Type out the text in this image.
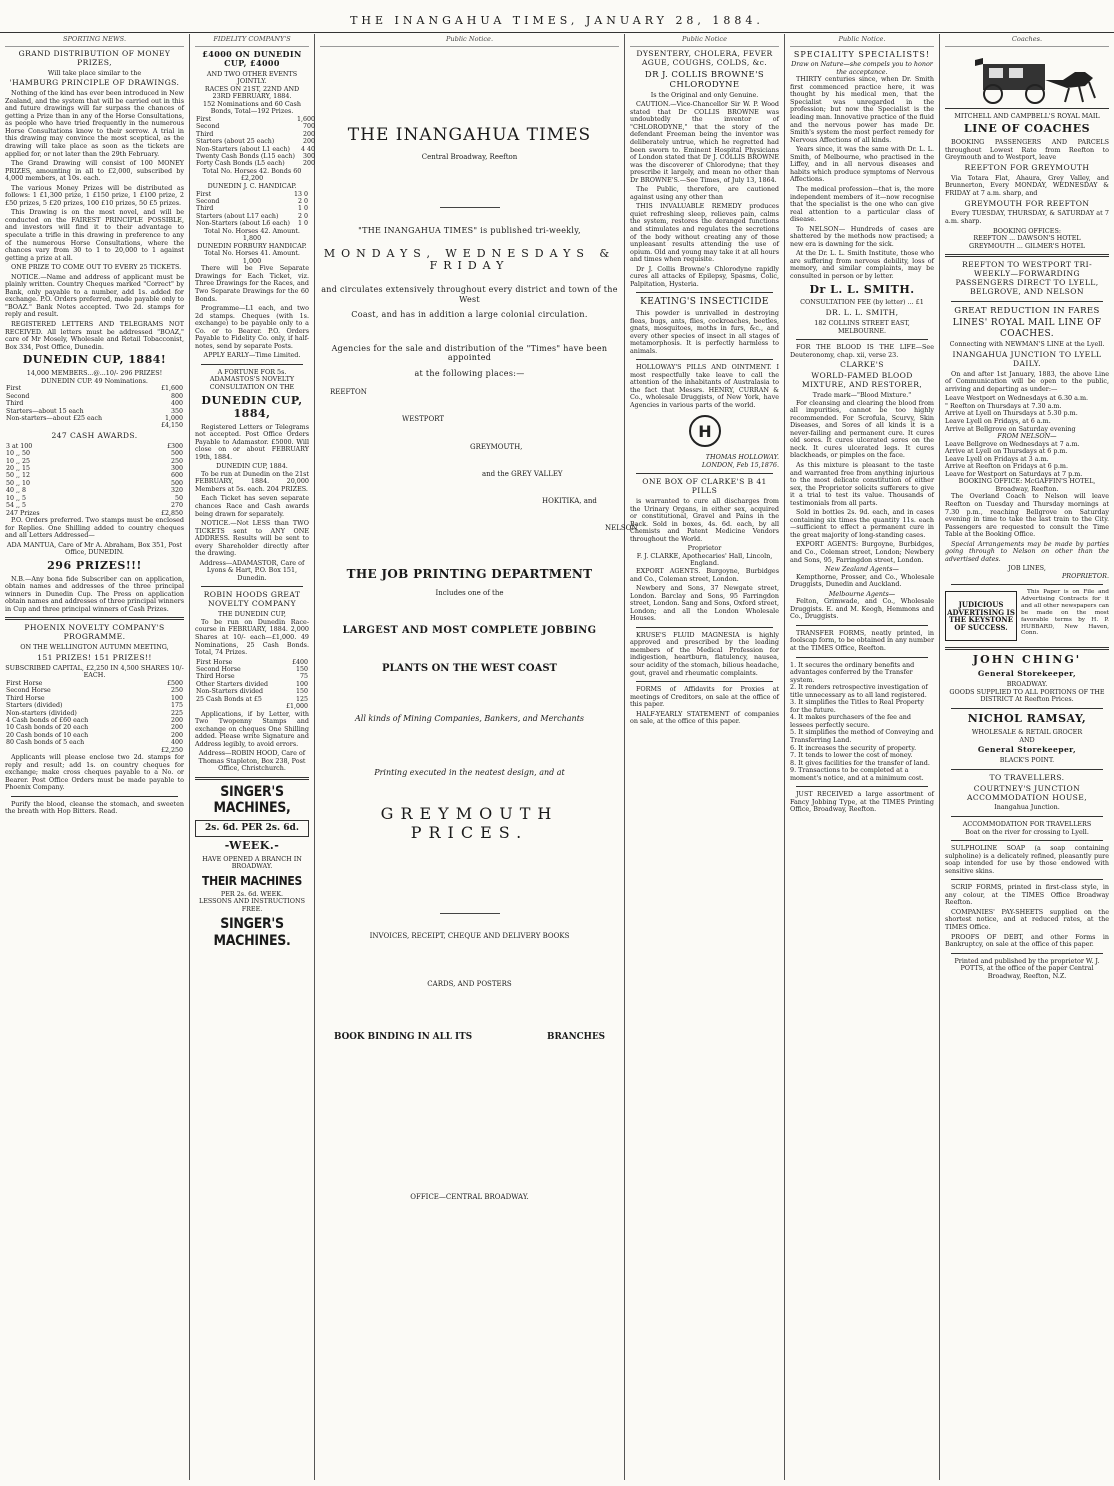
THE INANGAHUA TIMES, JANUARY 28, 1884.
SPORTING NEWS.
GRAND DISTRIBUTION OF MONEY PRIZES,
Will take place similar to the
'HAMBURG PRINCIPLE OF DRAWINGS.

Nothing of the kind has ever been introduced in New Zealand, and the system that will be carried out in this and future drawings will far surpass the chances of getting a Prize than in any of the Horse Consultations, as people who have tried frequently in the numerous Horse Consultations know to their sorrow. A trial in this drawing may convince the most sceptical, as the drawing will take place as soon as the tickets are applied for, or not later than the 29th February.

The Grand Drawing will consist of 100 MONEY PRIZES, amounting in all to £2,000, subscribed by 4,000 members, at 10s. each.

The various Money Prizes will be distributed as follows: 1 £1,300 prize, 1 £150 prize, 1 £100 prize, 2 £50 prizes, 5 £20 prizes, 100 £10 prizes, 50 £5 prizes.

This Drawing is on the most novel, and will be conducted on the FAIREST PRINCIPLE POSSIBLE, and investors will find it to their advantage to speculate a trifle in this drawing in preference to any of the numerous Horse Consultations, where the chances vary from 30 to 1 to 20,000 to 1 against getting a prize at all.

ONE PRIZE TO COME OUT TO EVERY 25 TICKETS.

NOTICE.—Name and address of applicant must be plainly written. Country Cheques marked "Correct" by Bank, only payable to a number, add 1s. added for exchange. P.O. Orders preferred, made payable only to "BOAZ." Bank Notes accepted. Two 2d. stamps for reply and result.

REGISTERED LETTERS AND TELEGRAMS NOT RECEIVED. All letters must be addressed "BOAZ," care of Mr Mosely, Wholesale and Retail Tobacconist, Box 334, Post Office, Dunedin.

DUNEDIN CUP, 1884!
14,000 MEMBERS...@...10/- 296 PRIZES!
DUNEDIN CUP. 49 Nominations.
First	£1,600
Second	800
Third	400
Starters—about 15 each	350
Non-starters—about £25 each	1,000
	£4,150
247 CASH AWARDS.
3 at 100	£300
10 ,, 50	500
10 ,, 25	250
20 ,, 15	300
50 ,, 12	600
50 ,, 10	500
40 ,, 8	320
10 ,, 5	50
54 ,, 5	270
247 Prizes	£2,850

P.O. Orders preferred. Two stamps must be enclosed for Replies. One Shilling added to country cheques and all Letters Addressed—

ADA MANTUA, Care of Mr A. Abraham, Box 351, Post Office, DUNEDIN.
296 PRIZES!!!

N.B.—Any bona fide Subscriber can on application, obtain names and addresses of the three principal winners in Dunedin Cup. The Press on application obtain names and addresses of three principal winners in Cup and three principal winners of Cash Prizes.

PHOENIX NOVELTY COMPANY'S PROGRAMME.
ON THE WELLINGTON AUTUMN MEETING,
151 PRIZES! 151 PRIZES!!
SUBSCRIBED CAPITAL, £2,250 IN 4,500 SHARES 10/- EACH.
First Horse	£500
Second Horse	250
Third Horse	100
Starters (divided)	175
Non-starters (divided)	225
4 Cash bonds of £60 each	200
10 Cash bonds of 20 each	200
20 Cash bonds of 10 each	200
80 Cash bonds of 5 each	400
	£2,250

Applicants will please enclose two 2d. stamps for reply and result; add 1s. on country cheques for exchange; make cross cheques payable to a No. or Bearer. Post Office Orders must be made payable to Phoenix Company.

Purify the blood, cleanse the stomach, and sweeten the breath with Hop Bitters. Read.

FIDELITY COMPANY'S
£4000 ON DUNEDIN CUP, £4000
AND TWO OTHER EVENTS JOINTLY.
RACES ON 21ST, 22ND AND 23RD FEBRUARY, 1884.
152 Nominations and 60 Cash Bonds, Total—192 Prizes.
First	1,600
Second	700
Third	200
Starters (about 25 each)	200
Non-Starters (about L1 each)	4 40
Twenty Cash Bonds (L15 each)	300
Forty Cash Bonds (L5 each)	200
Total No. Horses 42. Bonds 60 £2,200
DUNEDIN J. C. HANDICAP.
First	13 0
Second	2 0
Third	1 0
Starters (about L17 each)	2 0
Non-Starters (about L6 each)	1 0
Total No. Horses 42. Amount. 1,800
DUNEDIN FORBURY HANDICAP.
Total No. Horses 41. Amount. 1,000

There will be Five Separate Drawings for Each Ticket, viz. Three Drawings for the Races, and Two Separate Drawings for the 60 Bonds.

Programme—L1 each, and two 2d stamps. Cheques (with 1s. exchange) to be payable only to a Co. or to Bearer. P.O. Orders Payable to Fidelity Co. only, if half-notes, send by separate Posts.

APPLY EARLY—Time Limited.
A FORTUNE FOR 5s.
ADAMASTOS'S NOVELTY CONSULTATION ON THE
DUNEDIN CUP, 1884,

Registered Letters or Telegrams not accepted. Post Office Orders Payable to Adamastor. £5000. Will close on or about FEBRUARY 19th, 1884.

DUNEDIN CUP, 1884.

To be run at Dunedin on the 21st FEBRUARY, 1884. 20,000 Members at 5s. each. 204 PRIZES.

Each Ticket has seven separate chances Race and Cash awards being drawn for separately.

NOTICE.—Not LESS than TWO TICKETS sent to ANY ONE ADDRESS. Results will be sent to every Shareholder directly after the drawing.

Address—ADAMASTOR, Care of Lyons & Hart, P.O. Box 151, Dunedin.
ROBIN HOODS GREAT NOVELTY COMPANY
THE DUNEDIN CUP,

To be run on Dunedin Race-course in FEBRUARY, 1884. 2,000 Shares at 10/- each—£1,000. 49 Nominations, 25 Cash Bonds. Total, 74 Prizes.

First Horse	£400
Second Horse	150
Third Horse	75
Other Starters divided	100
Non-Starters divided	150
25 Cash Bonds at £5	125
	£1,000

Applications, if by Letter, with Two Twopenny Stamps and exchange on cheques One Shilling added. Please write Signature and Address legibly, to avoid errors.

Address—ROBIN HOOD, Care of Thomas Stapleton, Box 238, Post Office, Christchurch.
SINGER'S MACHINES,
2s. 6d. PER 2s. 6d.
-WEEK.-
HAVE OPENED A BRANCH IN BROADWAY.
THEIR MACHINES
PER 2s. 6d. WEEK.
LESSONS AND INSTRUCTIONS FREE.
SINGER'S MACHINES.
Public Notice.
THE INANGAHUA TIMES
Central Broadway, Reefton
"THE INANGAHUA TIMES" is published tri-weekly,
MONDAYS, WEDNESDAYS & FRIDAY
and circulates extensively throughout every district and town of the West
Coast, and has in addition a large colonial circulation.
Agencies for the sale and distribution of the "Times" have been appointed
at the following places:—
REEFTON
WESTPORT
GREYMOUTH,
and the GREY VALLEY
HOKITIKA, and
NELSON
THE JOB PRINTING DEPARTMENT
Includes one of the
LARGEST AND MOST COMPLETE JOBBING
PLANTS ON THE WEST COAST
All kinds of Mining Companies, Bankers, and Merchants
Printing executed in the neatest design, and at
GREYMOUTH PRICES.
INVOICES, RECEIPT, CHEQUE AND DELIVERY BOOKS
CARDS, AND POSTERS
BOOK BINDING IN ALL ITS	BRANCHES
OFFICE—CENTRAL BROADWAY.
Public Notice
DYSENTERY, CHOLERA, FEVER AGUE, COUGHS, COLDS, &c.
DR J. COLLIS BROWNE'S CHLORODYNE

Is the Original and only Genuine.

CAUTION.—Vice-Chancellor Sir W. P. Wood stated that Dr COLLIS BROWNE was undoubtedly the inventor of "CHLORODYNE," that the story of the defendant Freeman being the inventor was deliberately untrue, which he regretted had been sworn to. Eminent Hospital Physicians of London stated that Dr J. COLLIS BROWNE was the discoverer of Chlorodyne; that they prescribe it largely, and mean no other than Dr BROWNE'S.—See Times, of July 13, 1864.

The Public, therefore, are cautioned against using any other than

THIS INVALUABLE REMEDY produces quiet refreshing sleep, relieves pain, calms the system, restores the deranged functions and stimulates and regulates the secretions of the body without creating any of those unpleasant results attending the use of opium. Old and young may take it at all hours and times when requisite.

Dr J. Collis Browne's Chlorodyne rapidly cures all attacks of Epilepsy, Spasms, Colic, Palpitation, Hysteria.

KEATING'S INSECTICIDE

This powder is unrivalled in destroying fleas, bugs, ants, flies, cockroaches, beetles, gnats, mosquitoes, moths in furs, &c., and every other species of insect in all stages of metamorphosis. It is perfectly harmless to animals.

HOLLOWAY'S PILLS AND OINTMENT. I most respectfully take leave to call the attention of the inhabitants of Australasia to the fact that Messrs. HENRY, CURRAN & Co., wholesale Druggists, of New York, have Agencies in various parts of the world.

H
THOMAS HOLLOWAY.
LONDON, Feb 15,1876.
ONE BOX OF CLARKE'S B 41 PILLS

is warranted to cure all discharges from the Urinary Organs, in either sex, acquired or constitutional, Gravel and Pains in the Back. Sold in boxes, 4s. 6d. each, by all Chemists and Patent Medicine Vendors throughout the World.

Proprietor
F. J. CLARKE, Apothecaries' Hall, Lincoln, England.

EXPORT AGENTS. Burgoyne, Burbidges and Co., Coleman street, London.

Newbery and Sons, 37 Newgate street, London. Barclay and Sons, 95 Farringdon street, London. Sang and Sons, Oxford street, London; and all the London Wholesale Houses.

KRUSE'S FLUID MAGNESIA is highly approved and prescribed by the leading members of the Medical Profession for indigestion, heartburn, flatulency, nausea, sour acidity of the stomach, bilious headache, gout, gravel and rheumatic complaints.

FORMS of Affidavits for Proxies at meetings of Creditors, on sale at the office of this paper.

HALF-YEARLY STATEMENT of companies on sale, at the office of this paper.

Public Notice.
SPECIALITY SPECIALISTS!
Draw on Nature—she compels you to honor the acceptance.

THIRTY centuries since, when Dr. Smith first commenced practice here, it was thought by his medical men, that the Specialist was unregarded in the profession; but now the Specialist is the leading man. Innovative practice of the fluid and the nervous power has made Dr. Smith's system the most perfect remedy for Nervous Affections of all kinds.

Years since, it was the same with Dr. L. L. Smith, of Melbourne, who practised in the Liffey, and in all nervous diseases and habits which produce symptoms of Nervous Affections.

The medical profession—that is, the more independent members of it—now recognise that the specialist is the one who can give real attention to a particular class of disease.

To NELSON— Hundreds of cases are shattered by the methods now practised; a new era is dawning for the sick.

At the Dr. L. L. Smith Institute, those who are suffering from nervous debility, loss of memory, and similar complaints, may be consulted in person or by letter.

Dr L. L. SMITH.
CONSULTATION FEE (by letter) ... £1
DR. L. L. SMITH,
182 COLLINS STREET EAST, MELBOURNE.

FOR THE BLOOD IS THE LIFE—See Deuteronomy, chap. xii, verse 23.

CLARKE'S
WORLD-FAMED BLOOD MIXTURE, AND RESTORER,
Trade mark—"Blood Mixture."

For cleansing and clearing the blood from all impurities, cannot be too highly recommended. For Scrofula, Scurvy, Skin Diseases, and Sores of all kinds it is a never-failing and permanent cure. It cures old sores. It cures ulcerated sores on the neck. It cures ulcerated legs. It cures blackheads, or pimples on the face.

As this mixture is pleasant to the taste and warranted free from anything injurious to the most delicate constitution of either sex, the Proprietor solicits sufferers to give it a trial to test its value. Thousands of testimonials from all parts.

Sold in bottles 2s. 9d. each, and in cases containing six times the quantity 11s. each—sufficient to effect a permanent cure in the great majority of long-standing cases.

EXPORT AGENTS: Burgoyne, Burbidges, and Co., Coleman street, London; Newbery and Sons, 95, Farringdon street, London.

New Zealand Agents—

Kempthorne, Prosser, and Co., Wholesale Druggists, Dunedin and Auckland.

Melbourne Agents—

Felton, Grimwade, and Co., Wholesale Druggists. E. and M. Keogh, Hemmons and Co., Druggists.

TRANSFER FORMS, neatly printed, in foolscap form, to be obtained in any number at the TIMES Office, Reefton.

1. It secures the ordinary benefits and advantages conferred by the Transfer system.
2. It renders retrospective investigation of title unnecessary as to all land registered.
3. It simplifies the Titles to Real Property for the future.
4. It makes purchasers of the fee and lessees perfectly secure.
5. It simplifies the method of Conveying and Transferring Land.
6. It increases the security of property.
7. It tends to lower the cost of money.
8. It gives facilities for the transfer of land.
9. Transactions to be completed at a moment's notice, and at a minimum cost.

JUST RECEIVED a large assortment of Fancy Jobbing Type, at the TIMES Printing Office, Broadway, Reefton.

Coaches.
MITCHELL AND CAMPBELL'S ROYAL MAIL
LINE OF COACHES

BOOKING PASSENGERS AND PARCELS throughout Lowest Rate from Reefton to Greymouth and to Westport, leave

REEFTON FOR GREYMOUTH

Via Totara Flat, Ahaura, Grey Valley, and Brunnerton, Every MONDAY, WEDNESDAY & FRIDAY at 7 a.m. sharp, and

GREYMOUTH FOR REEFTON

Every TUESDAY, THURSDAY, & SATURDAY at 7 a.m. sharp.

BOOKING OFFICES:
REEFTON ... DAWSON'S HOTEL
GREYMOUTH ... GILMER'S HOTEL
REEFTON TO WESTPORT TRI-WEEKLY—FORWARDING PASSENGERS DIRECT TO LYELL, BELGROVE, AND NELSON
GREAT REDUCTION IN FARES
LINES' ROYAL MAIL LINE OF COACHES.
Connecting with NEWMAN'S LINE at the Lyell.
INANGAHUA JUNCTION TO LYELL DAILY.

On and after 1st January, 1883, the above Line of Communication will be open to the public, arriving and departing as under:—

Leave Westport on Wednesdays at 6.30 a.m.
" Reefton on Thursdays at 7.30 a.m.
Arrive at Lyell on Thursdays at 5.30 p.m.
Leave Lyell on Fridays, at 6 a.m.
Arrive at Bellgrove on Saturday evening
FROM NELSON—
Leave Bellgrove on Wednesdays at 7 a.m.
Arrive at Lyell on Thursdays at 6 p.m.
Leave Lyell on Fridays at 3 a.m.
Arrive at Reefton on Fridays at 6 p.m.
Leave for Westport on Saturdays at 7 p.m.
BOOKING OFFICE: McGAFFIN'S HOTEL, Broadway, Reefton.

The Overland Coach to Nelson will leave Reefton on Tuesday and Thursday mornings at 7.30 p.m., reaching Bellgrove on Saturday evening in time to take the last train to the City. Passengers are requested to consult the Time Table at the Booking Office.

Special Arrangements may be made by parties going through to Nelson on other than the advertised dates.

JOB LINES,
PROPRIETOR.
JUDICIOUS ADVERTISING IS THE KEYSTONE OF SUCCESS.

This Paper is on File and Advertising Contracts for it and all other newspapers can be made on the most favorable terms by H. P. HUBBARD, New Haven, Conn.

JOHN CHING'
General Storekeeper,
BROADWAY.
GOODS SUPPLIED TO ALL PORTIONS OF THE DISTRICT At Reefton Prices.
NICHOL RAMSAY,
WHOLESALE & RETAIL GROCER
AND
General Storekeeper,
BLACK'S POINT.
TO TRAVELLERS.
COURTNEY'S JUNCTION ACCOMMODATION HOUSE,
Inangahua Junction.
ACCOMMODATION FOR TRAVELLERS
Boat on the river for crossing to Lyell.

SULPHOLINE SOAP (a soap containing sulpholine) is a delicately refined, pleasantly pure soap intended for use by those endowed with sensitive skins.

SCRIP FORMS, printed in first-class style, in any colour, at the TIMES Office Broadway Reefton.

COMPANIES' PAY-SHEETS supplied on the shortest notice, and at reduced rates, at the TIMES Office.

PROOFS OF DEBT, and other Forms in Bankruptcy, on sale at the office of this paper.

Printed and published by the proprietor W. J. POTTS, at the office of the paper Central Broadway, Reefton, N.Z.
